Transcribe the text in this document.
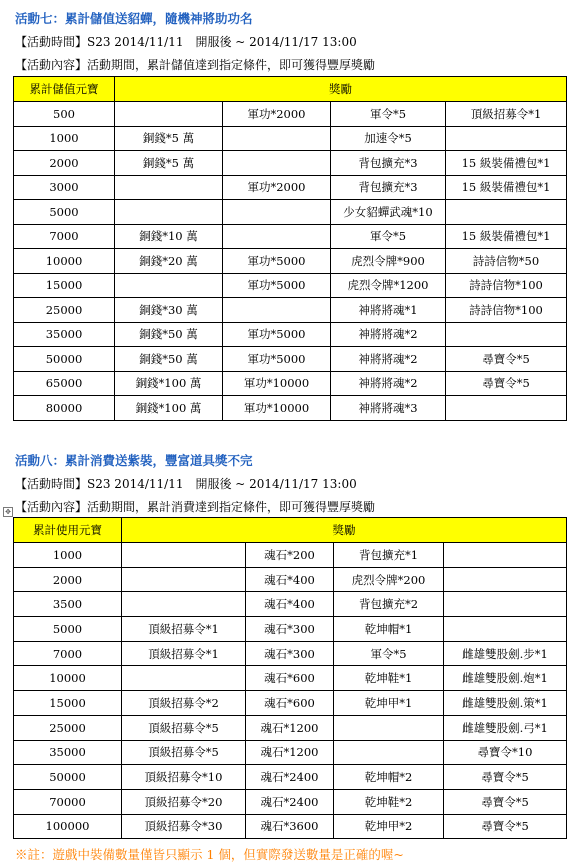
活動七：累計儲值送貂蟬，隨機神將助功名
【活動時間】S23 2014/11/11　開服後 ~ 2014/11/17 13:00
【活動內容】活動期間，累計儲值達到指定條件，即可獲得豐厚獎勵
累計儲值元寶	獎勵			
500		軍功*2000	軍令*5	頂級招募令*1
1000	銅錢*5 萬		加速令*5	
2000	銅錢*5 萬		背包擴充*3	15 級裝備禮包*1
3000		軍功*2000	背包擴充*3	15 級裝備禮包*1
5000			少女貂蟬武魂*10	
7000	銅錢*10 萬		軍令*5	15 級裝備禮包*1
10000	銅錢*20 萬	軍功*5000	虎烈令牌*900	詩詩信物*50
15000		軍功*5000	虎烈令牌*1200	詩詩信物*100
25000	銅錢*30 萬		神將將魂*1	詩詩信物*100
35000	銅錢*50 萬	軍功*5000	神將將魂*2	
50000	銅錢*50 萬	軍功*5000	神將將魂*2	尋寶令*5
65000	銅錢*100 萬	軍功*10000	神將將魂*2	尋寶令*5
80000	銅錢*100 萬	軍功*10000	神將將魂*3	
活動八：累計消費送紫裝，豐富道具獎不完
【活動時間】S23 2014/11/11　開服後 ~ 2014/11/17 13:00
【活動內容】活動期間，累計消費達到指定條件，即可獲得豐厚獎勵
✥
累計使用元寶	獎勵			
1000		魂石*200	背包擴充*1	
2000		魂石*400	虎烈令牌*200	
3500		魂石*400	背包擴充*2	
5000	頂級招募令*1	魂石*300	乾坤帽*1	
7000	頂級招募令*1	魂石*300	軍令*5	雌雄雙股劍.步*1
10000		魂石*600	乾坤鞋*1	雌雄雙股劍.炮*1
15000	頂級招募令*2	魂石*600	乾坤甲*1	雌雄雙股劍.策*1
25000	頂級招募令*5	魂石*1200		雌雄雙股劍.弓*1
35000	頂級招募令*5	魂石*1200		尋寶令*10
50000	頂級招募令*10	魂石*2400	乾坤帽*2	尋寶令*5
70000	頂級招募令*20	魂石*2400	乾坤鞋*2	尋寶令*5
100000	頂級招募令*30	魂石*3600	乾坤甲*2	尋寶令*5
※註：遊戲中裝備數量僅皆只顯示 1 個，但實際發送數量是正確的喔~
